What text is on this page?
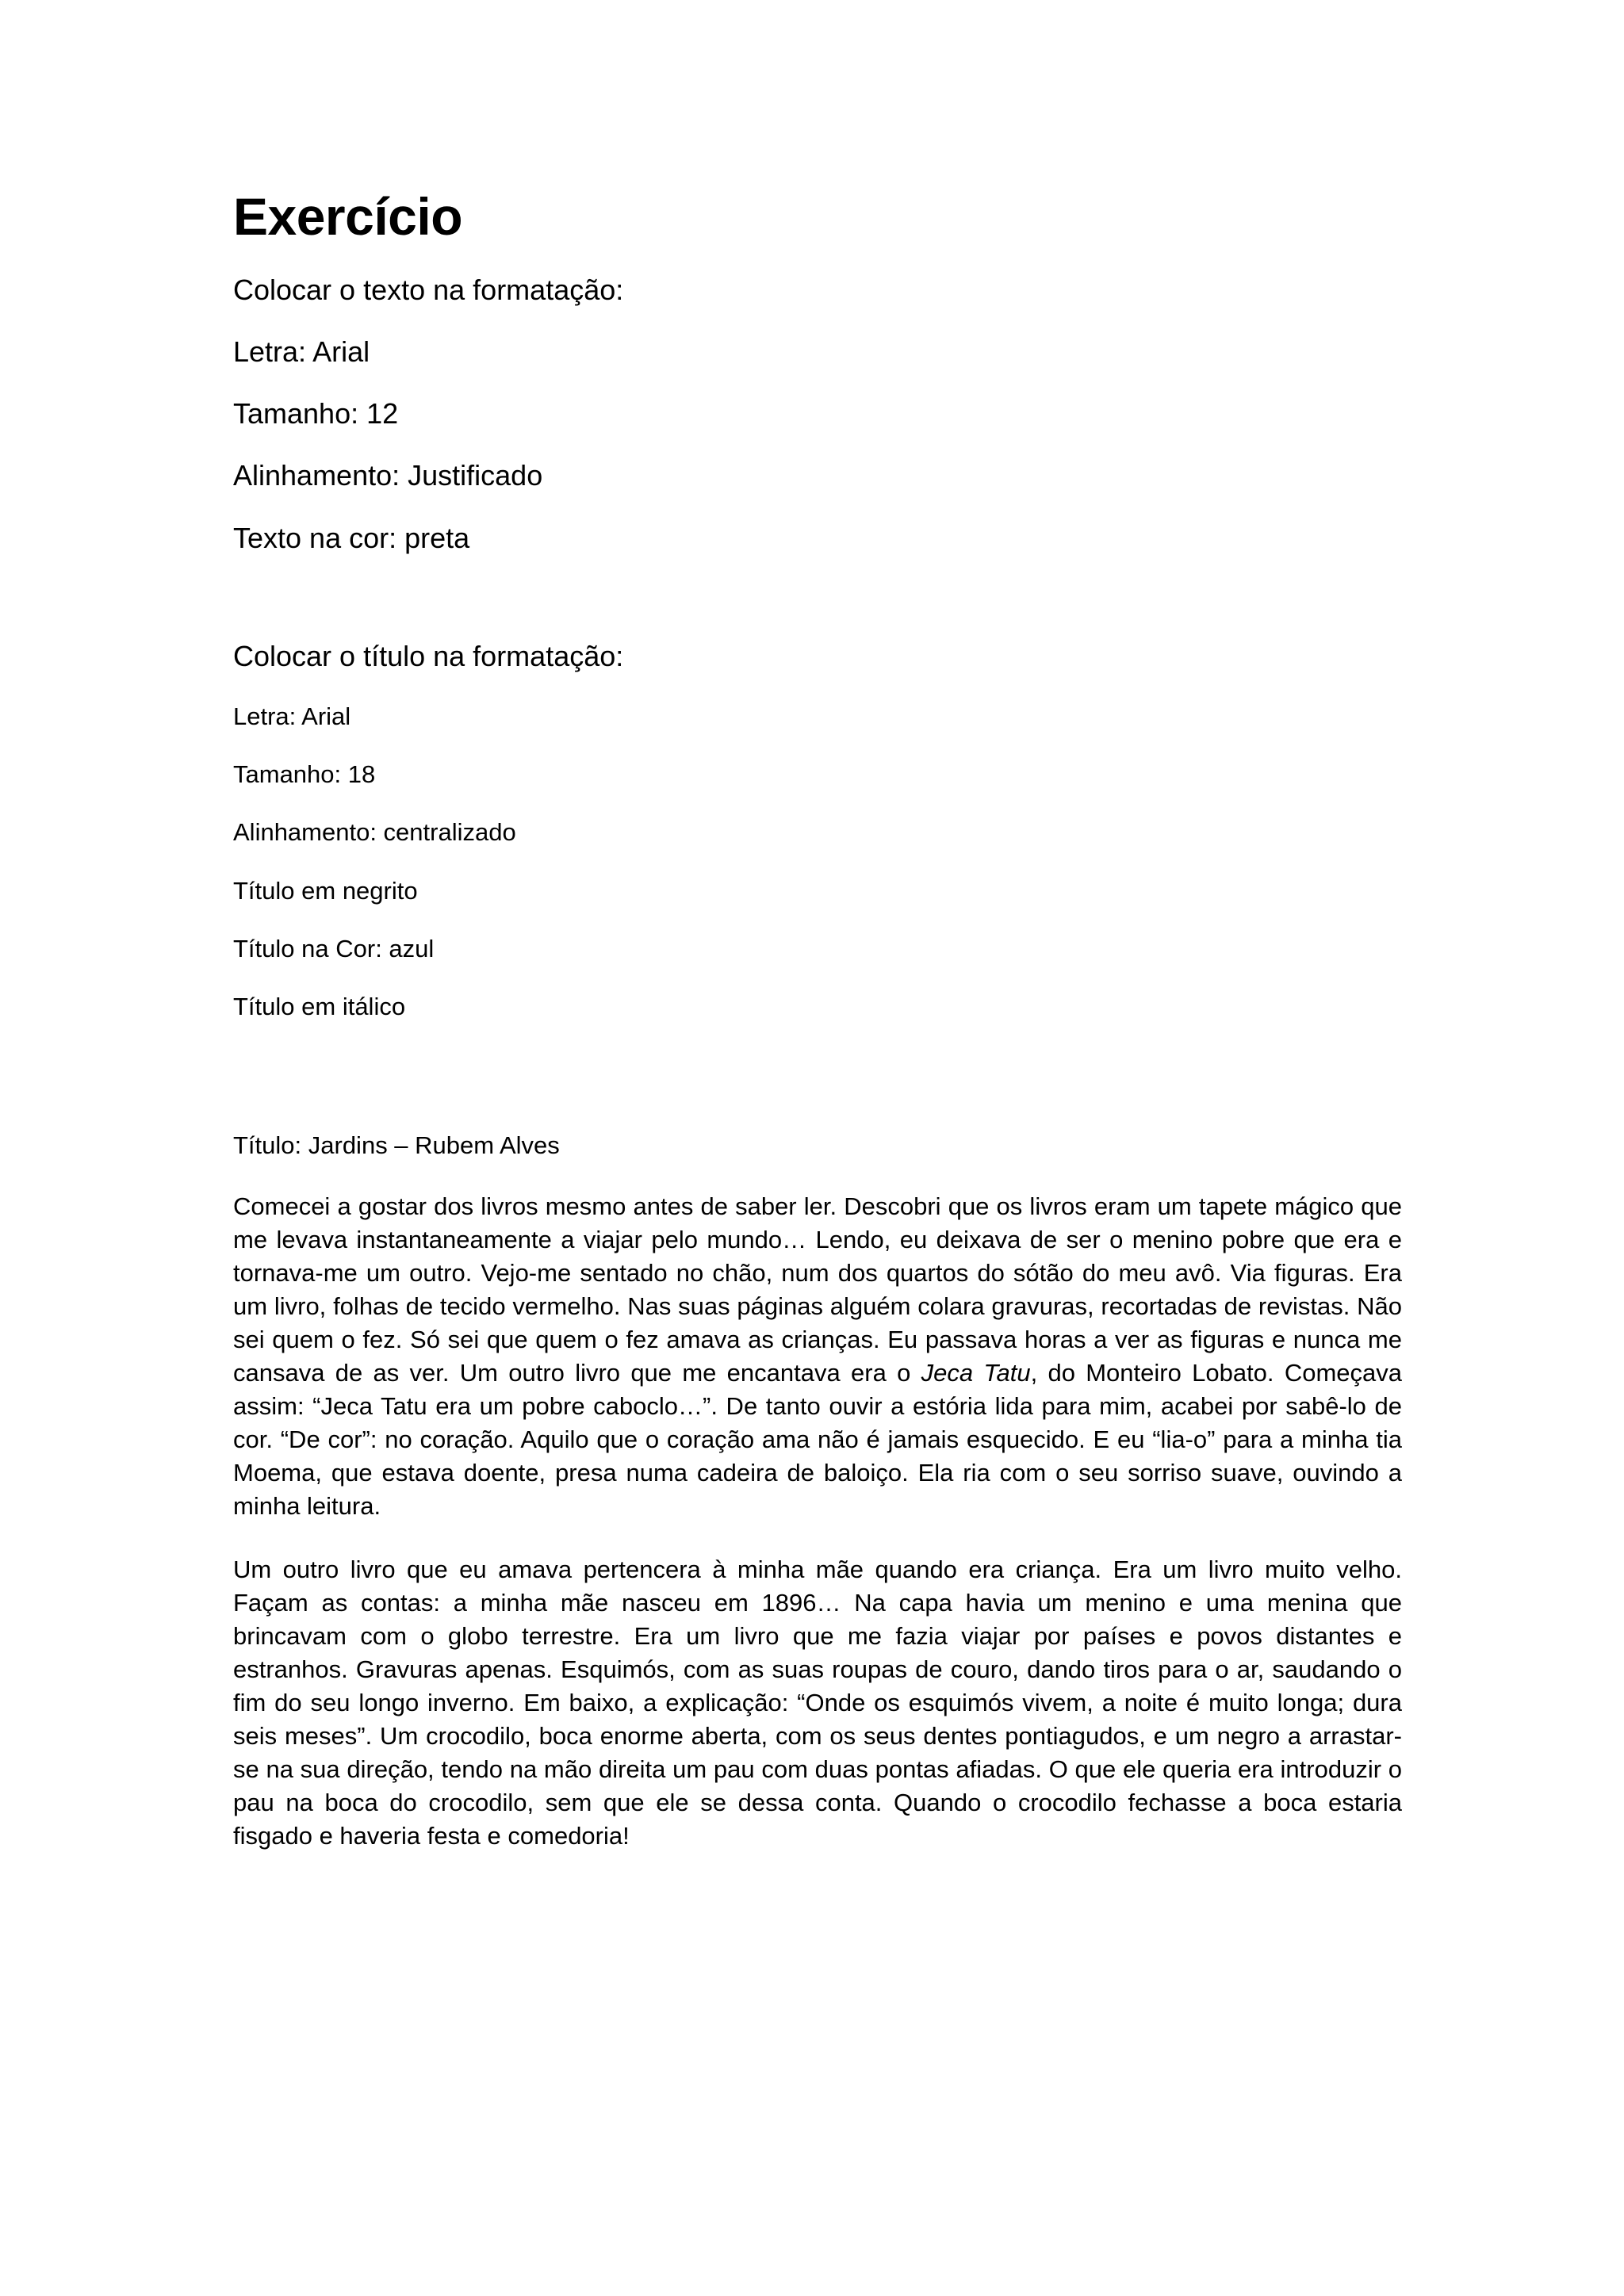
Exercício

Colocar o texto na formatação:

Letra: Arial

Tamanho: 12

Alinhamento: Justificado

Texto na cor: preta

Colocar o título na formatação:

Letra: Arial

Tamanho: 18

Alinhamento: centralizado

Título em negrito

Título na Cor: azul

Título em itálico

Título: Jardins – Rubem Alves

Comecei a gostar dos livros mesmo antes de saber ler. Descobri que os livros eram um tapete mágico que me levava instantaneamente a viajar pelo mundo… Lendo, eu deixava de ser o menino pobre que era e tornava-me um outro. Vejo-me sentado no chão, num dos quartos do sótão do meu avô. Via figuras. Era um livro, folhas de tecido vermelho. Nas suas páginas alguém colara gravuras, recortadas de revistas. Não sei quem o fez. Só sei que quem o fez amava as crianças. Eu passava horas a ver as figuras e nunca me cansava de as ver. Um outro livro que me encantava era o Jeca Tatu, do Monteiro Lobato. Começava assim: “Jeca Tatu era um pobre caboclo…”. De tanto ouvir a estória lida para mim, acabei por sabê-lo de cor. “De cor”: no coração. Aquilo que o coração ama não é jamais esquecido. E eu “lia-o” para a minha tia Moema, que estava doente, presa numa cadeira de baloiço. Ela ria com o seu sorriso suave, ouvindo a minha leitura.

Um outro livro que eu amava pertencera à minha mãe quando era criança. Era um livro muito velho. Façam as contas: a minha mãe nasceu em 1896… Na capa havia um menino e uma menina que brincavam com o globo terrestre. Era um livro que me fazia viajar por países e povos distantes e estranhos. Gravuras apenas. Esquimós, com as suas roupas de couro, dando tiros para o ar, saudando o fim do seu longo inverno. Em baixo, a explicação: “Onde os esquimós vivem, a noite é muito longa; dura seis meses”. Um crocodilo, boca enorme aberta, com os seus dentes pontiagudos, e um negro a arrastar-se na sua direção, tendo na mão direita um pau com duas pontas afiadas. O que ele queria era introduzir o pau na boca do crocodilo, sem que ele se dessa conta. Quando o crocodilo fechasse a boca estaria fisgado e haveria festa e comedoria!
